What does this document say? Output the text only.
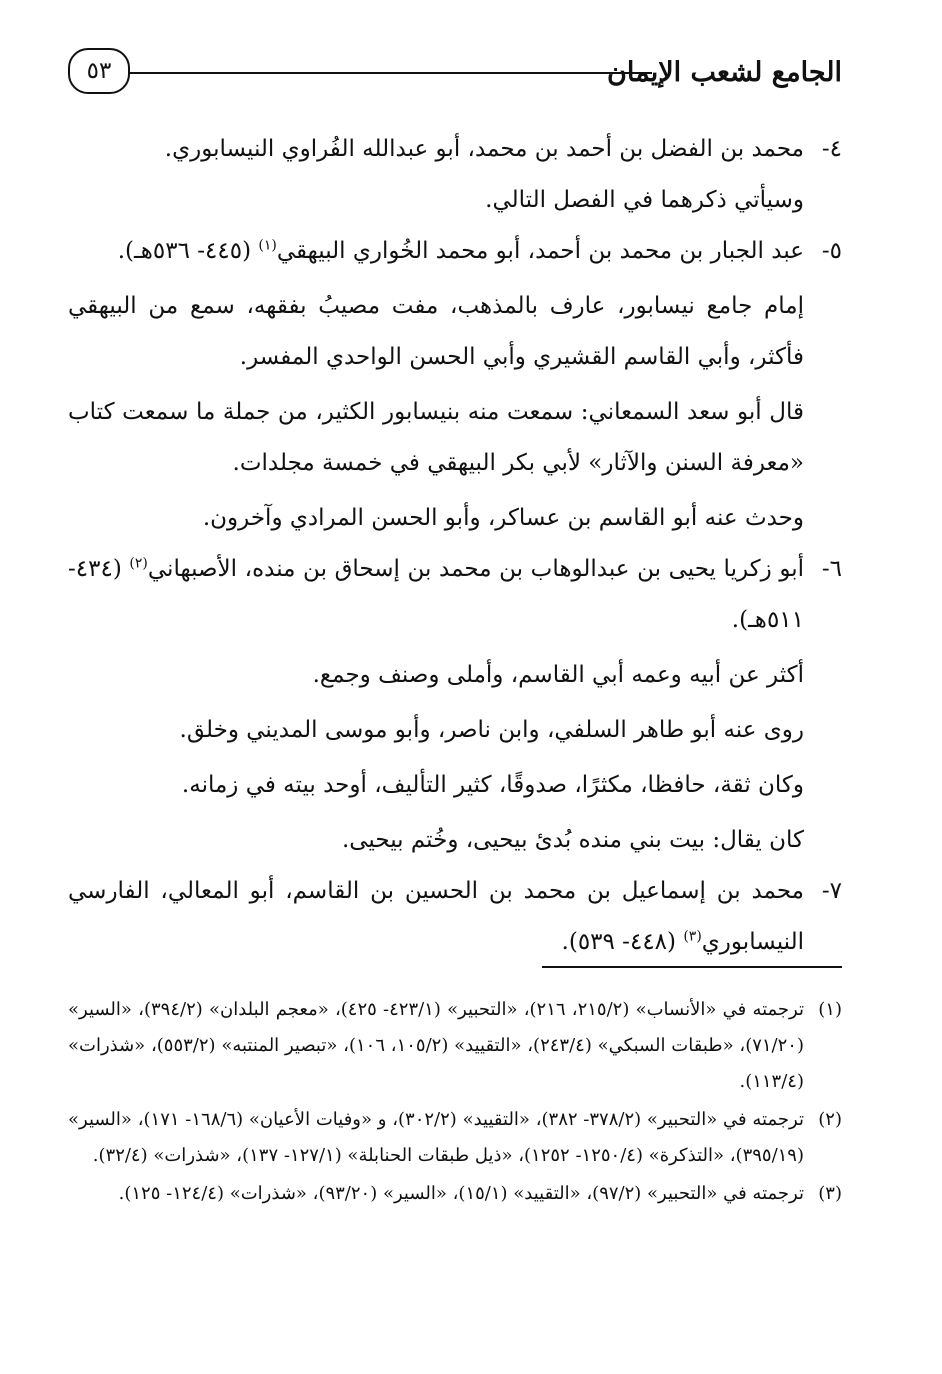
الجامع لشعب الإيمان
٥٣

٤-
محمد بن الفضل بن أحمد بن محمد، أبو عبدالله الفُراوي النيسابوري.

وسيأتي ذكرهما في الفصل التالي.

٥-
عبد الجبار بن محمد بن أحمد، أبو محمد الخُواري البيهقي$^{(١)}$ (٤٤٥- ٥٣٦هـ).

إمام جامع نيسابور، عارف بالمذهب، مفت مصيبُ بفقهه، سمع من البيهقي فأكثر، وأبي القاسم القشيري وأبي الحسن الواحدي المفسر.

قال أبو سعد السمعاني: سمعت منه بنيسابور الكثير، من جملة ما سمعت كتاب «معرفة السنن والآثار» لأبي بكر البيهقي في خمسة مجلدات.

وحدث عنه أبو القاسم بن عساكر، وأبو الحسن المرادي وآخرون.

٦-
أبو زكريا يحيى بن عبدالوهاب بن محمد بن إسحاق بن منده، الأصبهاني$^{(٢)}$ (٤٣٤- ٥١١هـ).

أكثر عن أبيه وعمه أبي القاسم، وأملى وصنف وجمع.

روى عنه أبو طاهر السلفي، وابن ناصر، وأبو موسى المديني وخلق.

وكان ثقة، حافظا، مكثرًا، صدوقًا، كثير التأليف، أوحد بيته في زمانه.

كان يقال: بيت بني منده بُدئ بيحيى، وخُتم بيحيى.

٧-
محمد بن إسماعيل بن محمد بن الحسين بن القاسم، أبو المعالي، الفارسي النيسابوري$^{(٣)}$ (٤٤٨- ٥٣٩).

(١)
ترجمته في «الأنساب» (٢١٥/٢، ٢١٦)، «التحبير» (٤٢٣/١- ٤٢٥)، «معجم البلدان» (٣٩٤/٢)، «السير» (٧١/٢٠)، «طبقات السبكي» (٢٤٣/٤)، «التقييد» (١٠٥/٢، ١٠٦)، «تبصير المنتبه» (٥٥٣/٢)، «شذرات» (١١٣/٤).

(٢)
ترجمته في «التحبير» (٣٧٨/٢- ٣٨٢)، «التقييد» (٣٠٢/٢)، و «وفيات الأعيان» (١٦٨/٦- ١٧١)، «السير» (٣٩٥/١٩)، «التذكرة» (١٢٥٠/٤- ١٢٥٢)، «ذيل طبقات الحنابلة» (١٢٧/١- ١٣٧)، «شذرات» (٣٢/٤).

(٣)
ترجمته في «التحبير» (٩٧/٢)، «التقييد» (١٥/١)، «السير» (٩٣/٢٠)، «شذرات» (١٢٤/٤- ١٢٥).
